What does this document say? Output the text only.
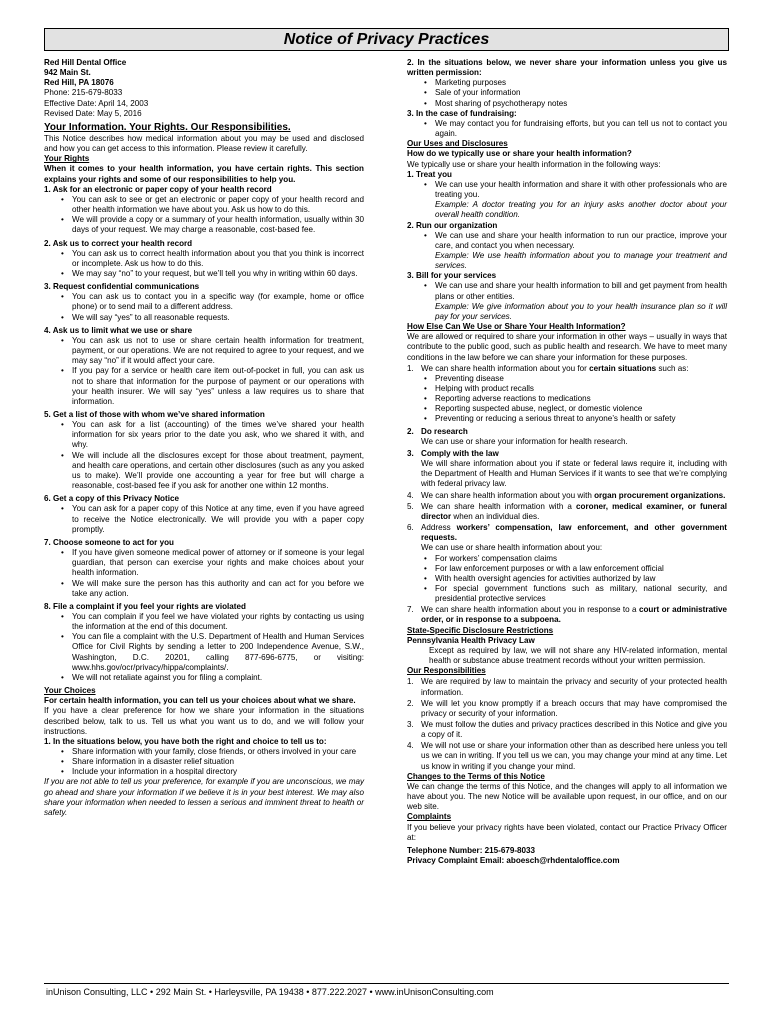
Notice of Privacy Practices

Red Hill Dental Office

942 Main St.

Red Hill, PA 18076

Phone: 215-679-8033

Effective Date: April 14, 2003

Revised Date: May 5, 2016

Your Information. Your Rights. Our Responsibilities.

This Notice describes how medical information about you may be used and disclosed and how you can get access to this information. Please review it carefully.

Your Rights

When it comes to your health information, you have certain rights. This section explains your rights and some of our responsibilities to help you.

1. Ask for an electronic or paper copy of your health record

• You can ask to see or get an electronic or paper copy of your health record and other health information we have about you. Ask us how to do this.
• We will provide a copy or a summary of your health information, usually within 30 days of your request. We may charge a reasonable, cost-based fee.

2. Ask us to correct your health record

• You can ask us to correct health information about you that you think is incorrect or incomplete. Ask us how to do this.
• We may say “no” to your request, but we’ll tell you why in writing within 60 days.

3. Request confidential communications

• You can ask us to contact you in a specific way (for example, home or office phone) or to send mail to a different address.
• We will say “yes” to all reasonable requests.

4. Ask us to limit what we use or share

• You can ask us not to use or share certain health information for treatment, payment, or our operations. We are not required to agree to your request, and we may say “no” if it would affect your care.
• If you pay for a service or health care item out-of-pocket in full, you can ask us not to share that information for the purpose of payment or our operations with your health insurer. We will say “yes” unless a law requires us to share that information.

5. Get a list of those with whom we’ve shared information

• You can ask for a list (accounting) of the times we’ve shared your health information for six years prior to the date you ask, who we shared it with, and why.
• We will include all the disclosures except for those about treatment, payment, and health care operations, and certain other disclosures (such as any you asked us to make). We’ll provide one accounting a year for free but will charge a reasonable, cost-based fee if you ask for another one within 12 months.

6. Get a copy of this Privacy Notice

• You can ask for a paper copy of this Notice at any time, even if you have agreed to receive the Notice electronically. We will provide you with a paper copy promptly.

7. Choose someone to act for you

• If you have given someone medical power of attorney or if someone is your legal guardian, that person can exercise your rights and make choices about your health information.
• We will make sure the person has this authority and can act for you before we take any action.

8. File a complaint if you feel your rights are violated

• You can complain if you feel we have violated your rights by contacting us using the information at the end of this document.
• You can file a complaint with the U.S. Department of Health and Human Services Office for Civil Rights by sending a letter to 200 Independence Avenue, S.W., Washington, D.C. 20201, calling 877-696-6775, or visiting: www.hhs.gov/ocr/privacy/hippa/complaints/.
• We will not retaliate against you for filing a complaint.

Your Choices

For certain health information, you can tell us your choices about what we share.

If you have a clear preference for how we share your information in the situations described below, talk to us. Tell us what you want us to do, and we will follow your instructions.

1. In the situations below, you have both the right and choice to tell us to:

• Share information with your family, close friends, or others involved in your care
• Share information in a disaster relief situation
• Include your information in a hospital directory

If you are not able to tell us your preference, for example if you are unconscious, we may go ahead and share your information if we believe it is in your best interest. We may also share your information when needed to lessen a serious and imminent threat to health or safety.

2. In the situations below, we never share your information unless you give us written permission:

• Marketing purposes
• Sale of your information
• Most sharing of psychotherapy notes

3. In the case of fundraising:

• We may contact you for fundraising efforts, but you can tell us not to contact you again.

Our Uses and Disclosures

How do we typically use or share your health information?

We typically use or share your health information in the following ways:

1. Treat you

• We can use your health information and share it with other professionals who are treating you.

Example: A doctor treating you for an injury asks another doctor about your overall health condition.

2. Run our organization

• We can use and share your health information to run our practice, improve your care, and contact you when necessary.

Example: We use health information about you to manage your treatment and services.

3. Bill for your services

• We can use and share your health information to bill and get payment from health plans or other entities.

Example: We give information about you to your health insurance plan so it will pay for your services.

How Else Can We Use or Share Your Health Information?

We are allowed or required to share your information in other ways – usually in ways that contribute to the public good, such as public health and research. We have to meet many conditions in the law before we can share your information for these purposes.

1. We can share health information about you for certain situations such as:
• Preventing disease
• Helping with product recalls
• Reporting adverse reactions to medications
• Reporting suspected abuse, neglect, or domestic violence
• Preventing or reducing a serious threat to anyone’s health or safety
2. Do research

We can use or share your information for health research.

3. Comply with the law

We will share information about you if state or federal laws require it, including with the Department of Health and Human Services if it wants to see that we’re complying with federal privacy law.

4. We can share health information about you with organ procurement organizations.
5. We can share health information with a coroner, medical examiner, or funeral director when an individual dies.
6. Address workers’ compensation, law enforcement, and other government requests.

We can use or share health information about you:

• For workers’ compensation claims
• For law enforcement purposes or with a law enforcement official
• With health oversight agencies for activities authorized by law
• For special government functions such as military, national security, and presidential protective services
7. We can share health information about you in response to a court or administrative order, or in response to a subpoena.

State-Specific Disclosure Restrictions

Pennsylvania Health Privacy Law

Except as required by law, we will not share any HIV-related information, mental health or substance abuse treatment records without your written permission.

Our Responsibilities

1. We are required by law to maintain the privacy and security of your protected health information.
2. We will let you know promptly if a breach occurs that may have compromised the privacy or security of your information.
3. We must follow the duties and privacy practices described in this Notice and give you a copy of it.
4. We will not use or share your information other than as described here unless you tell us we can in writing. If you tell us we can, you may change your mind at any time. Let us know in writing if you change your mind.

Changes to the Terms of this Notice

We can change the terms of this Notice, and the changes will apply to all information we have about you. The new Notice will be available upon request, in our office, and on our web site.

Complaints

If you believe your privacy rights have been violated, contact our Practice Privacy Officer at:

Telephone Number: 215-679-8033

Privacy Complaint Email: aboesch@rhdentaloffice.com

inUnison Consulting, LLC • 292 Main St. • Harleysville, PA 19438 • 877.222.2027 • www.inUnisonConsulting.com
